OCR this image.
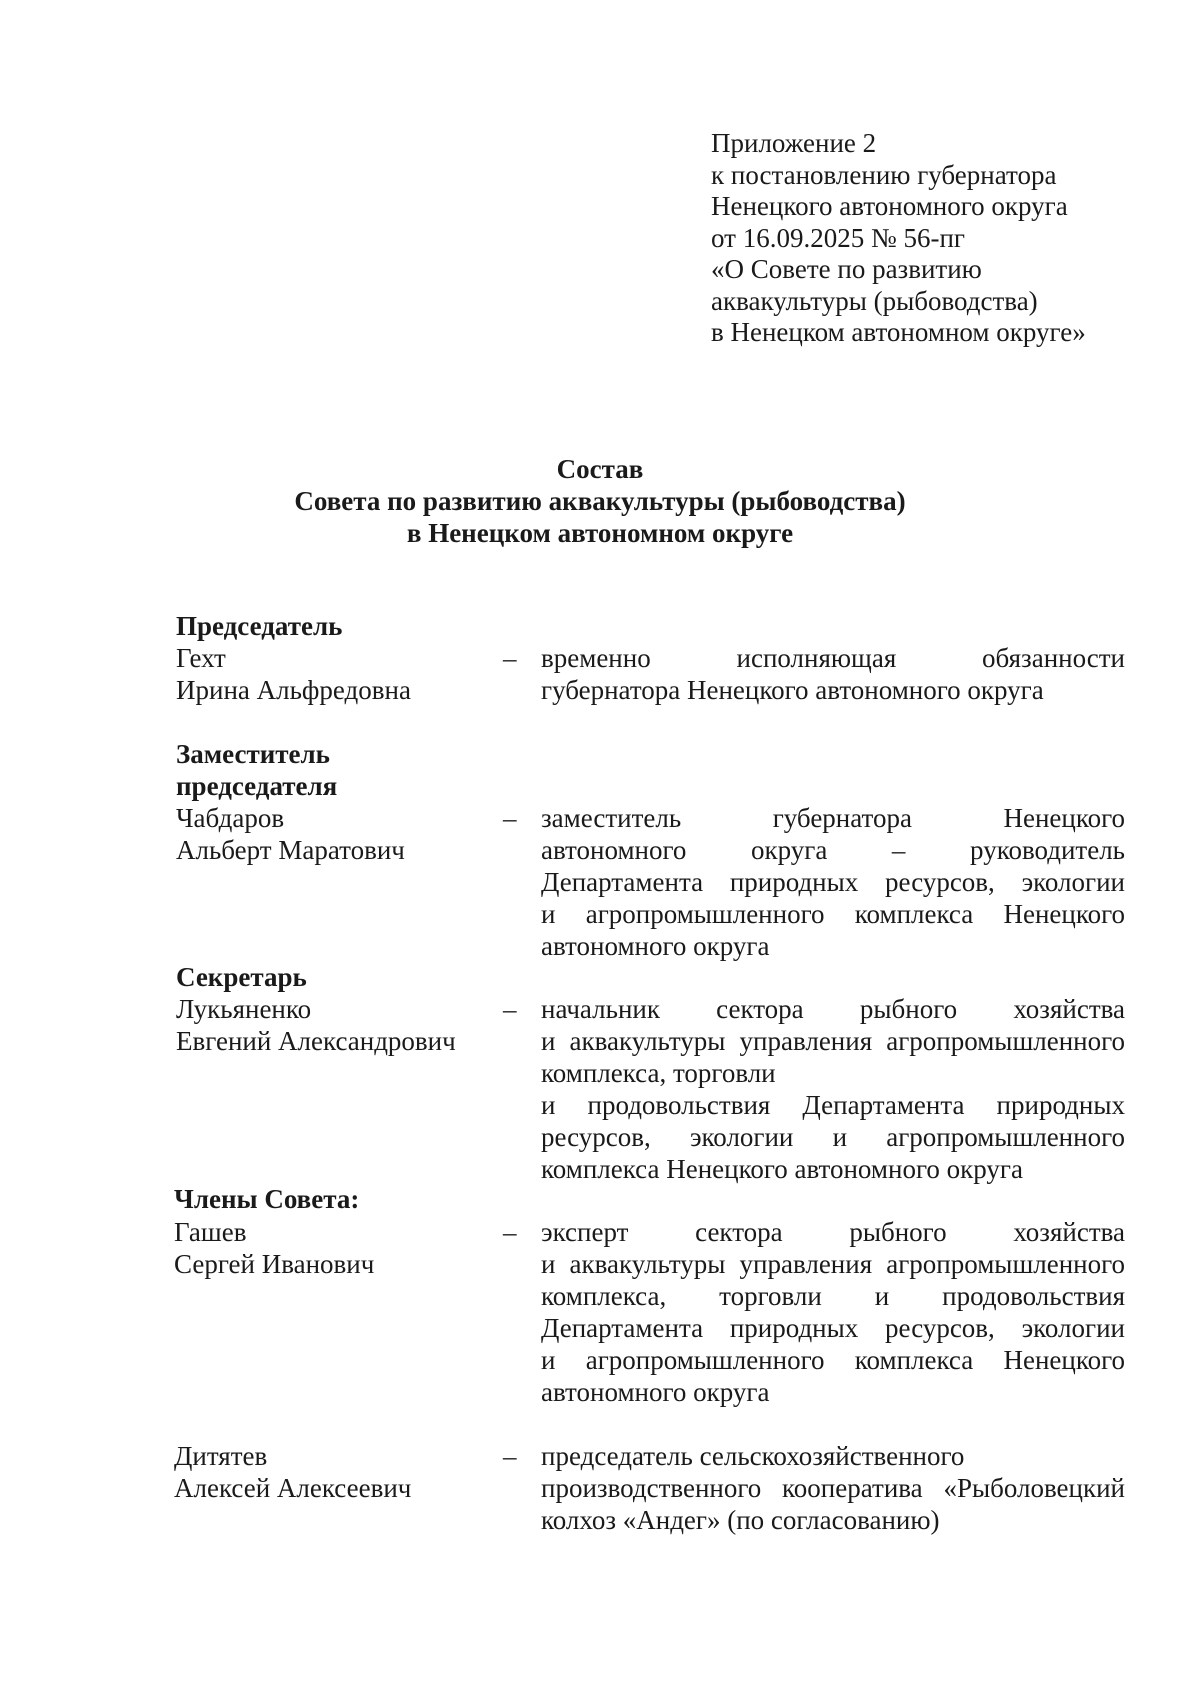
Приложение 2
к постановлению губернатора
Ненецкого автономного округа
от 16.09.2025 № 56-пг
«О Совете по развитию
аквакультуры (рыбоводства)
в Ненецком автономном округе»
Состав
Совета по развитию аквакультуры (рыбоводства)
в Ненецком автономном округе
Председатель
Гехт
Ирина Альфредовна
– временно исполняющая обязанности
губернатора Ненецкого автономного округа
Заместитель
председателя
Чабдаров
Альберт Маратович
– заместитель губернатора Ненецкого
автономного округа – руководитель
Департамента природных ресурсов, экологии
и агропромышленного комплекса Ненецкого
автономного округа
Секретарь
Лукьяненко
Евгений Александрович
– начальник сектора рыбного хозяйства
и аквакультуры управления агропромышленного
комплекса, торговли
и продовольствия Департамента природных
ресурсов, экологии и агропромышленного
комплекса Ненецкого автономного округа
Члены Совета:
Гашев
Сергей Иванович
– эксперт сектора рыбного хозяйства
и аквакультуры управления агропромышленного
комплекса, торговли и продовольствия
Департамента природных ресурсов, экологии
и агропромышленного комплекса Ненецкого
автономного округа
Дитятев
Алексей Алексеевич
– председатель сельскохозяйственного
производственного кооператива «Рыболовецкий
колхоз «Андег» (по согласованию)
